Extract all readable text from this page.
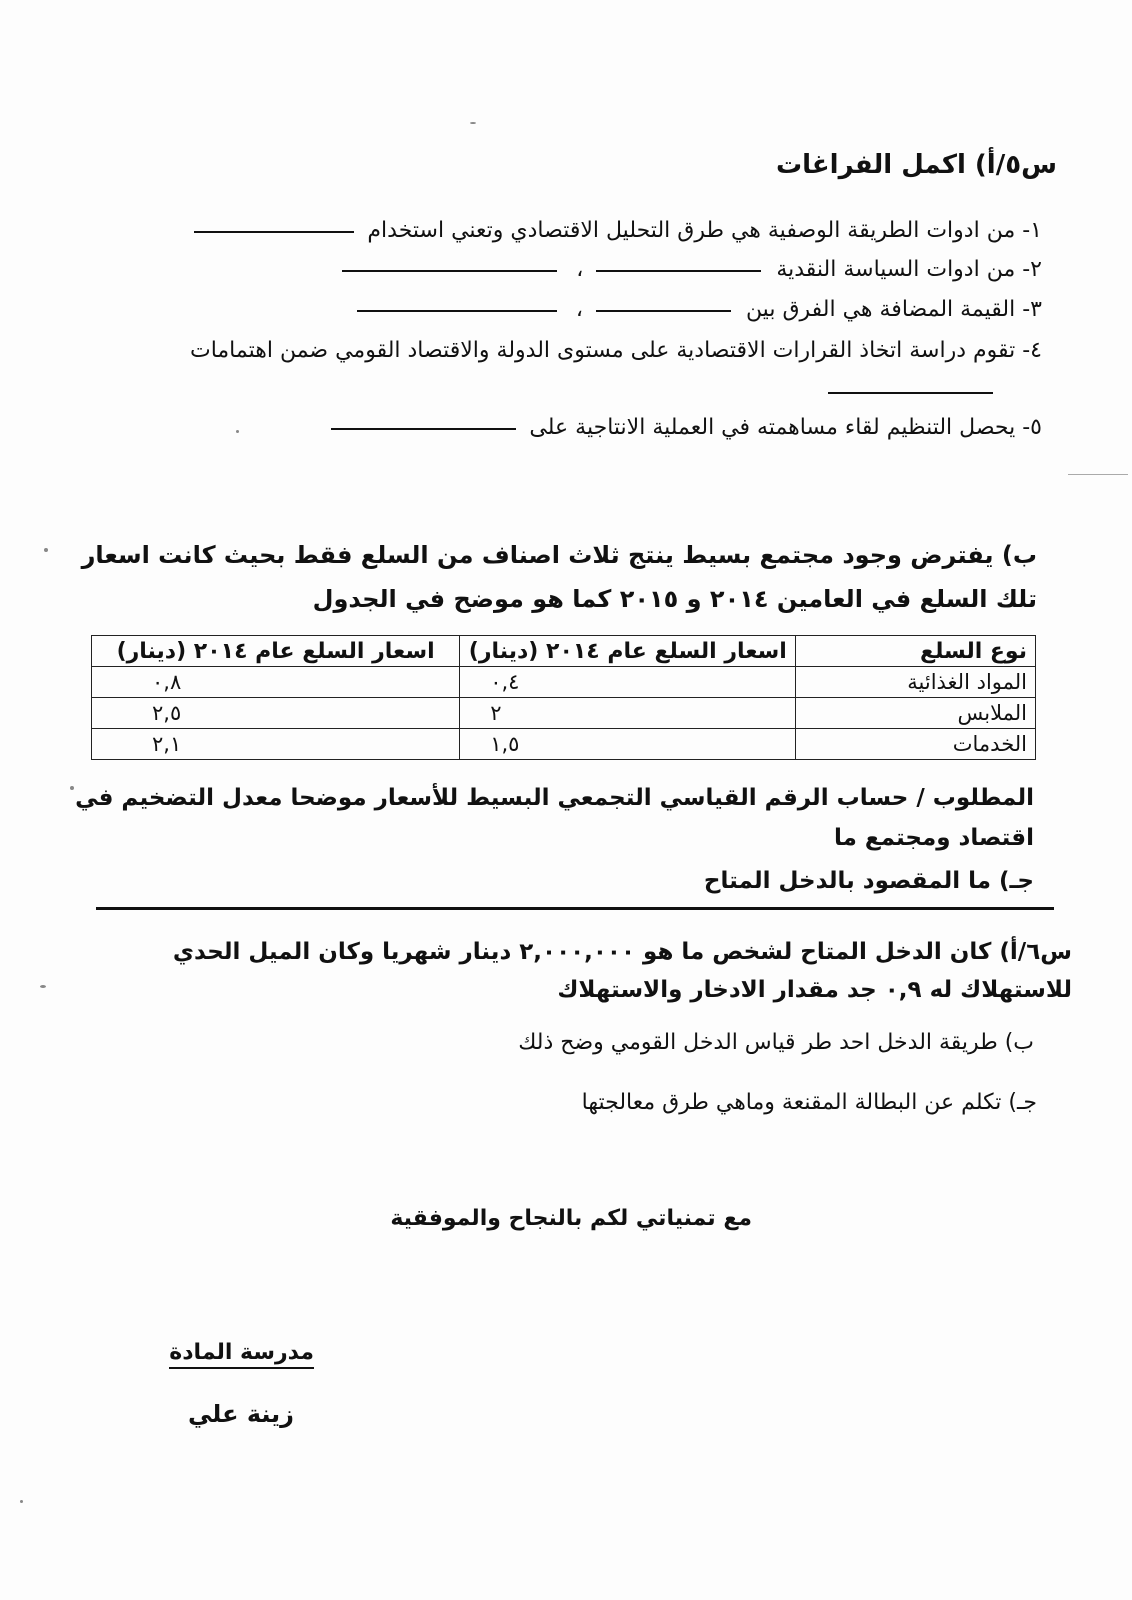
س٥/أ) اكمل الفراغات
١- من ادوات الطريقة الوصفية هي طرق التحليل الاقتصادي وتعني استخدام
٢- من ادوات السياسة النقدية  ،
٣- القيمة المضافة هي الفرق بين  ،
٤- تقوم دراسة اتخاذ القرارات الاقتصادية على مستوى الدولة والاقتصاد القومي ضمن اهتمامات
٥- يحصل التنظيم لقاء مساهمته في العملية الانتاجية على
ب) يفترض وجود مجتمع بسيط ينتج ثلاث اصناف من السلع فقط بحيث كانت اسعار تلك السلع في العامين ٢٠١٤ و ٢٠١٥ كما هو موضح في الجدول
نوع السلع	اسعار السلع عام ٢٠١٤ (دينار)	اسعار السلع عام ٢٠١٤ (دينار)
المواد الغذائية	٠,٤	٠,٨
الملابس	٢	٢,٥
الخدمات	١,٥	٢,١
المطلوب / حساب الرقم القياسي التجمعي البسيط للأسعار موضحا معدل التضخيم في اقتصاد ومجتمع ما
جـ) ما المقصود بالدخل المتاح
س٦/أ) كان الدخل المتاح لشخص ما هو ٢,٠٠٠,٠٠٠ دينار شهريا وكان الميل الحدي للاستهلاك له ٠,٩ جد مقدار الادخار والاستهلاك
ب) طريقة الدخل احد طر قياس الدخل القومي وضح ذلك
جـ) تكلم عن البطالة المقنعة وماهي طرق معالجتها
مع تمنياتي لكم بالنجاح والموفقية
مدرسة المادة
زينة علي
